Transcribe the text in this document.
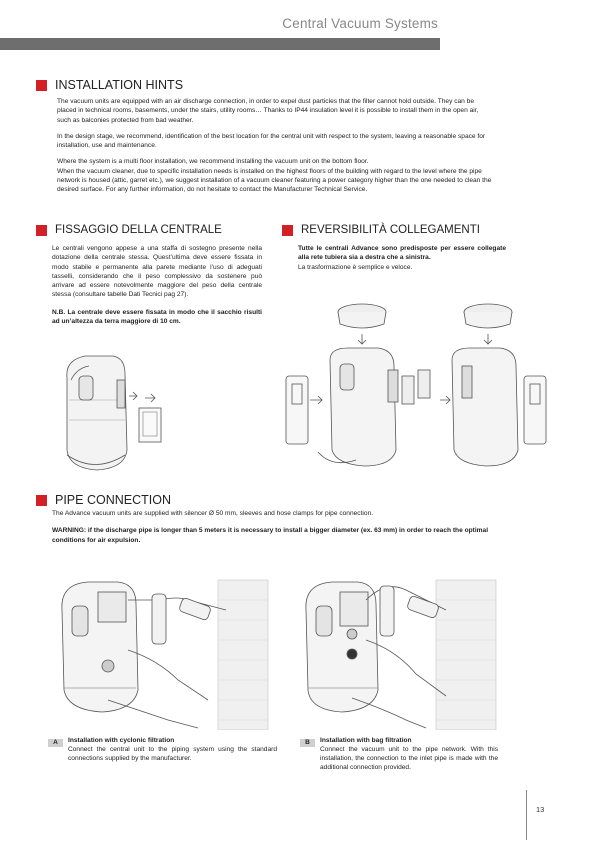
Central Vacuum Systems
INSTALLATION HINTS

The vacuum units are equipped with an air discharge connection, in order to expel dust particles that the filter cannot hold outside. They can be placed in technical rooms, basements, under the stairs, utility rooms… Thanks to IP44 insulation level it is possible to install them in the open air, such as balconies protected from bad weather.

In the design stage, we recommend, identification of the best location for the central unit with respect to the system, leaving a reasonable space for installation, use and maintenance.

Where the system is a multi floor installation, we recommend installing the vacuum unit on the bottom floor.

When the vacuum cleaner, due to specific installation needs is installed on the highest floors of the building with regard to the level where the pipe network is housed (attic, garret etc.), we suggest installation of a vacuum cleaner featuring a power category higher than the one needed to clean the desired surface. For any further information, do not hesitate to contact the Manufacturer Technical Service.

FISSAGGIO DELLA CENTRALE

Le centrali vengono appese a una staffa di sostegno presente nella dotazione della centrale stessa. Quest’ultima deve essere fissata in modo stabile e permanente alla parete mediante l’uso di adeguati tasselli, considerando che il peso complessivo da sostenere può arrivare ad essere notevolmente maggiore del peso della centrale stessa (consultare tabelle Dati Tecnici pag 27).

N.B. La centrale deve essere fissata in modo che il sacchio risulti ad un’altezza da terra maggiore di 10 cm.

REVERSIBILITÀ COLLEGAMENTI

Tutte le centrali Advance sono predisposte per essere collegate alla rete tubiera sia a destra che a sinistra.

La trasformazione è semplice e veloce.

PIPE CONNECTION

The Advance vacuum units are supplied with silencer Ø 50 mm, sleeves and hose clamps for pipe connection.

WARNING: if the discharge pipe is longer than 5 meters it is necessary to install a bigger diameter (ex. 63 mm) in order to reach the optimal conditions for air expulsion.

A	Installation with cyclonic filtration
Connect the central unit to the piping system using the standard connections supplied by the manufacturer.
B	Installation with bag filtration
Connect the vacuum unit to the pipe network. With this installation, the connection to the inlet pipe is made with the additional connection provided.
13
